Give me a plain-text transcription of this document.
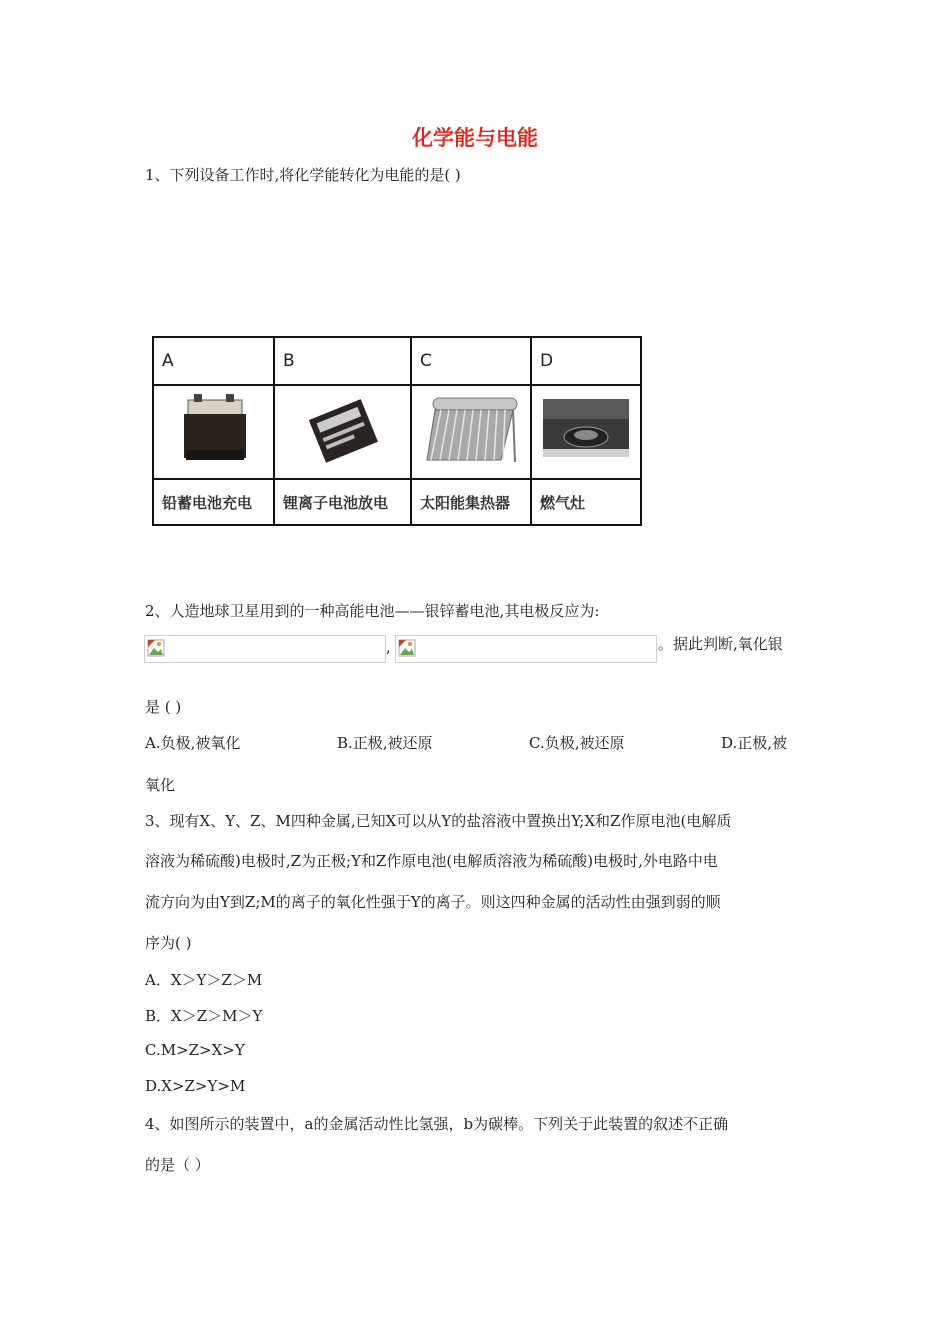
化学能与电能
1、下列设备工作时,将化学能转化为电能的是( )
A	B	C	D

铅蓄电池充电	锂离子电池放电	太阳能集热器	燃气灶
2、人造地球卫星用到的一种高能电池——银锌蓄电池,其电极反应为:
,	。据此判断,氧化银
是 ( )
A.负极,被氧化	B.正极,被还原	C.负极,被还原	D.正极,被
氧化
3、现有X、Y、Z、M四种金属,已知X可以从Y的盐溶液中置换出Y;X和Z作原电池(电解质
溶液为稀硫酸)电极时,Z为正极;Y和Z作原电池(电解质溶液为稀硫酸)电极时,外电路中电
流方向为由Y到Z;M的离子的氧化性强于Y的离子。则这四种金属的活动性由强到弱的顺
序为( )
A．X＞Y＞Z＞M
B．X＞Z＞M＞Y
C.M>Z>X>Y
D.X>Z>Y>M
4、如图所示的装置中，a的金属活动性比氢强，b为碳棒。下列关于此装置的叙述不正确
的是（ ）
